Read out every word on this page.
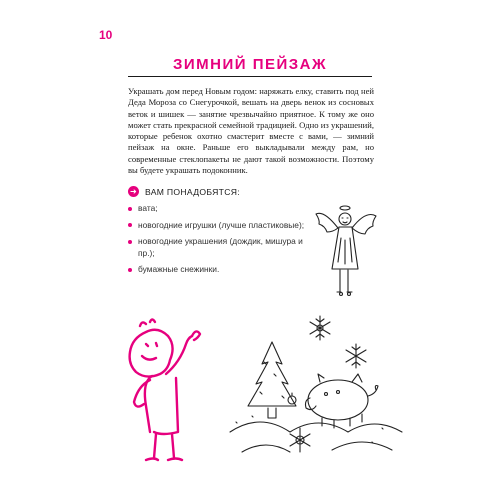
10
ЗИМНИЙ ПЕЙЗАЖ

Украшать дом перед Новым годом: наряжать елку, ставить под ней Деда Мороза со Снегурочкой, вешать на дверь венок из сосновых веток и шишек — занятие чрезвычайно приятное. К тому же оно может стать прекрасной семейной традицией. Одно из украшений, которые ребенок охотно смастерит вместе с вами, — зимний пейзаж на окне. Раньше его выкладывали между рам, но современные стеклопакеты не дают такой возможности. Поэтому вы будете украшать подоконник.

➜ ВАМ ПОНАДОБЯТСЯ:
вата;
новогодние игрушки (лучше пластиковые);
новогодние украшения (дождик, мишура и пр.);
бумажные снежинки.
